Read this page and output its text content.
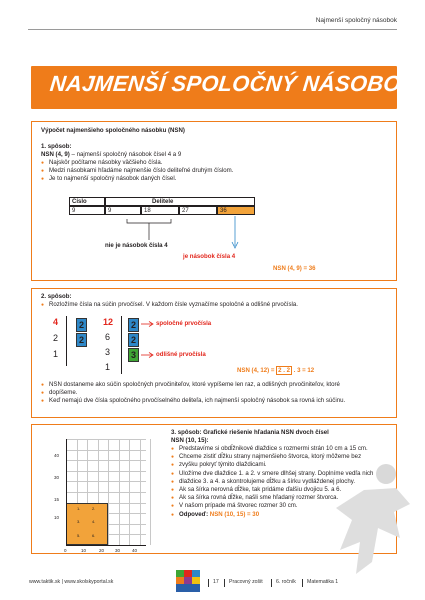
Najmenší spoločný násobok
NAJMENŠÍ SPOLOČNÝ NÁSOBOK
Výpočet najmenšieho spoločného násobku (NSN)
1. spôsob:
NSN (4, 9) – najmenší spoločný násobok čísel 4 a 9
● Najskôr počítame násobky väčšieho čísla.
● Medzi násobkami hľadáme najmenšie číslo deliteľné druhým číslom.
● Je to najmenší spoločný násobok daných čísel.
Číslo	Delitele
9	9	18	27	36
nie je násobok čísla 4
je násobok čísla 4
NSN (4, 9) = 36
2. spôsob:
● Rozložíme čísla na súčin prvočísel. V každom čísle vyznačíme spoločné a odlišné prvočísla.
4
2
1
2
2
12
6
3
1
2
2
3
spoločné prvočísla
odlišné prvočísla
NSN (4, 12) = 2 . 2 . 3 = 12
● NSN dostaneme ako súčin spoločných prvočiniteľov, ktoré vypíšeme len raz, a odlišných prvočiniteľov, ktoré
● dopíšeme.
● Keď nemajú dve čísla spoločného prvočíselného deliteľa, ich najmenší spoločný násobok sa rovná ich súčinu.
1.	2.
3.	4.
5.	6.
40
30
15
10
0	10	20 30	40
3. spôsob: Grafické riešenie hľadania NSN dvoch čísel
NSN (10, 15):
● Predstavíme si obdĺžnikové dlaždice s rozmermi strán 10 cm a 15 cm.
● Chceme zistiť dĺžku strany najmenšieho štvorca, ktorý môžeme bez
● zvyšku pokryť týmito dlaždicami.
● Uložíme dve dlaždice 1. a 2. v smere dlhšej strany. Doplníme vedľa nich
● dlaždice 3. a 4. a skontrolujeme dĺžku a šírku vydláždenej plochy.
● Ak sa šírka nerovná dĺžke, tak pridáme ďalšiu dvojicu 5. a 6.
● Ak sa šírka rovná dĺžke, našli sme hľadaný rozmer štvorca.
● V našom prípade má štvorec rozmer 30 cm.
● Odpoveď: NSN (10, 15) = 30
www.taktik.sk | www.skolskyportal.sk	17 Pracovný zošit	6. ročník Matematika 1
